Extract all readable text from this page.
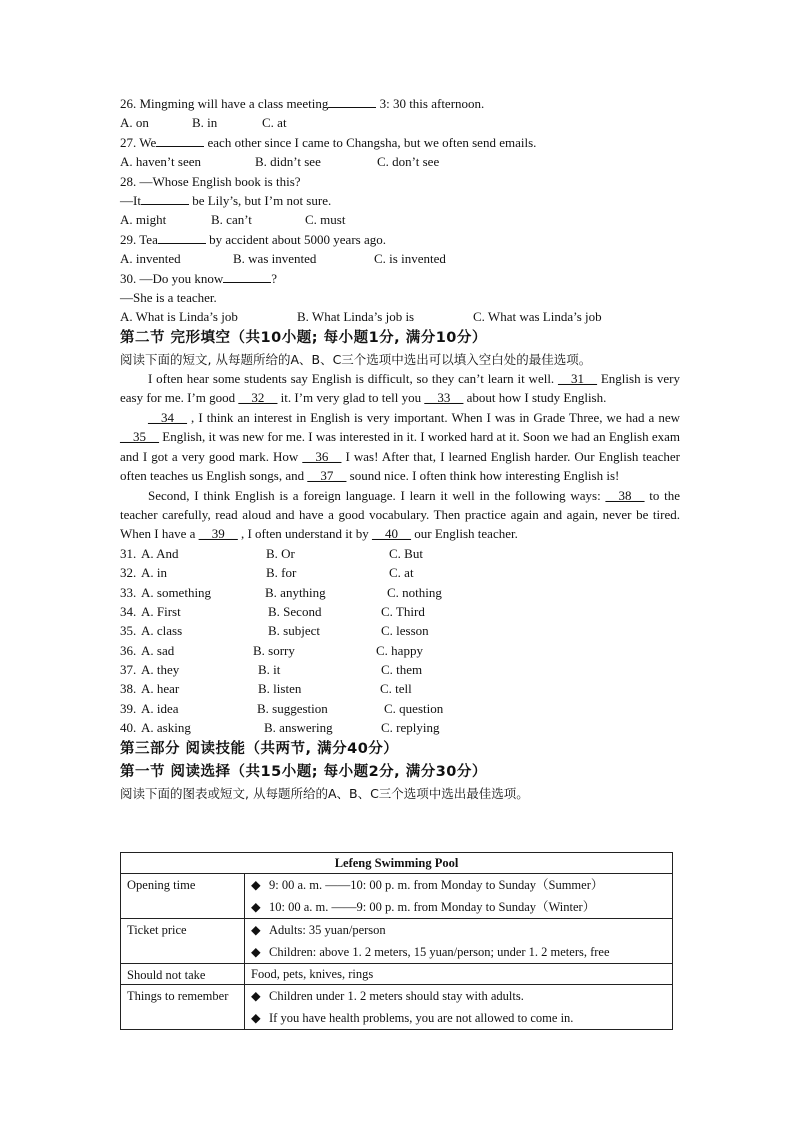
26. Mingming will have a class meeting	3: 30 this afternoon.
A. on	B. in	C. at
27. We	each other since I came to Changsha, but we often send emails.
A. haven’t seen	B. didn’t see	C. don’t see
28. —Whose English book is this?
—It	be Lily’s, but I’m not sure.
A. might	B. can’t	C. must
29. Tea	by accident about 5000 years ago.
A. invented	B. was invented	C. is invented
30. —Do you know	?
—She is a teacher.
A. What is Linda’s job	B. What Linda’s job is	C. What was Linda’s job
第二节 完形填空（共10小题; 每小题1分, 满分10分）
阅读下面的短文, 从每题所给的A、B、C三个选项中选出可以填入空白处的最佳选项。
I often hear some students say English is difficult, so they can’t learn it well. __31__ English is very easy for me. I’m good __32__ it. I’m very glad to tell you __33__ about how I study English.
__34__ , I think an interest in English is very important. When I was in Grade Three, we had a new __35__ English, it was new for me. I was interested in it. I worked hard at it. Soon we had an English exam and I got a very good mark. How __36__ I was! After that, I learned English harder. Our English teacher often teaches us English songs, and __37__ sound nice. I often think how interesting English is!
Second, I think English is a foreign language. I learn it well in the following ways: __38__ to the teacher carefully, read aloud and have a good vocabulary. Then practice again and again, never be tired. When I have a __39__ , I often understand it by __40__ our English teacher.
31. A. And	B. Or	C. But
32. A. in	B. for	C. at
33. A. something	B. anything	C. nothing
34. A. First	B. Second	C. Third
35. A. class	B. subject	C. lesson
36. A. sad	B. sorry	C. happy
37. A. they	B. it	C. them
38. A. hear	B. listen	C. tell
39. A. idea	B. suggestion	C. question
40. A. asking	B. answering	C. replying
第三部分 阅读技能（共两节, 满分40分）
第一节 阅读选择（共15小题; 每小题2分, 满分30分）
阅读下面的图表或短文, 从每题所给的A、B、C三个选项中选出最佳选项。
Lefeng Swimming Pool	
Opening time	◆ 9: 00 a. m. ——10: 00 p. m. from Monday to Sunday（Summer）
◆ 10: 00 a. m. ——9: 00 p. m. from Monday to Sunday（Winter）

Ticket price	◆ Adults: 35 yuan/person
◆ Children: above 1. 2 meters, 15 yuan/person; under 1. 2 meters, free

Should not take	Food, pets, knives, rings
Things to remember	◆ Children under 1. 2 meters should stay with adults.
◆ If you have health problems, you are not allowed to come in.
